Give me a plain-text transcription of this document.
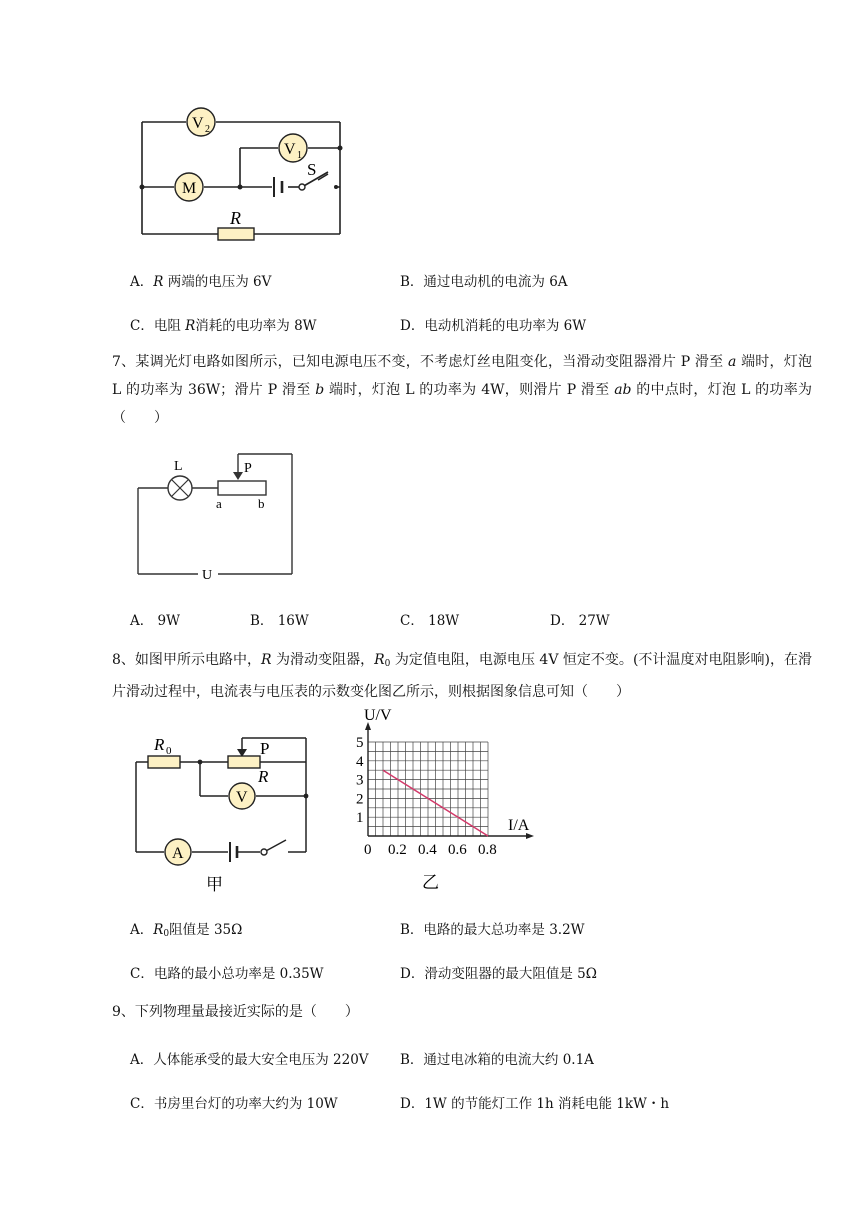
V 2
V 1
M
S
R
A．R 两端的电压为 6V	B．通过电动机的电流为 6A
C．电阻 R消耗的电功率为 8W	D．电动机消耗的电功率为 6W
7、某调光灯电路如图所示，已知电源电压不变，不考虑灯丝电阻变化，当滑动变阻器滑片 P 滑至 a 端时，灯泡 L 的功率为 36W；滑片 P 滑至 b 端时，灯泡 L 的功率为 4W，则滑片 P 滑至 ab 的中点时，灯泡 L 的功率为（　　）
L	P
a	b
U
A． 9W	B． 16W	C． 18W	D． 27W
8、如图甲所示电路中，R 为滑动变阻器，$R_0$ 为定值电阻，电源电压 4V 恒定不变。(不计温度对电阻影响)，在滑片滑动过程中，电流表与电压表的示数变化图乙所示，则根据图象信息可知（　　）
R 0	P
R
V
A
甲
1
2
3
4
5
0 0.2 0.4 0.6 0.8
U/V
I/A
乙
A．$R_0$阻值是 35Ω	B．电路的最大总功率是 3.2W
C．电路的最小总功率是 0.35W	D．滑动变阻器的最大阻值是 5Ω
9、下列物理量最接近实际的是（　　）
A．人体能承受的最大安全电压为 220V B．通过电冰箱的电流大约 0.1A
C．书房里台灯的功率大约为 10W	D．1W 的节能灯工作 1h 消耗电能 1kW・h
